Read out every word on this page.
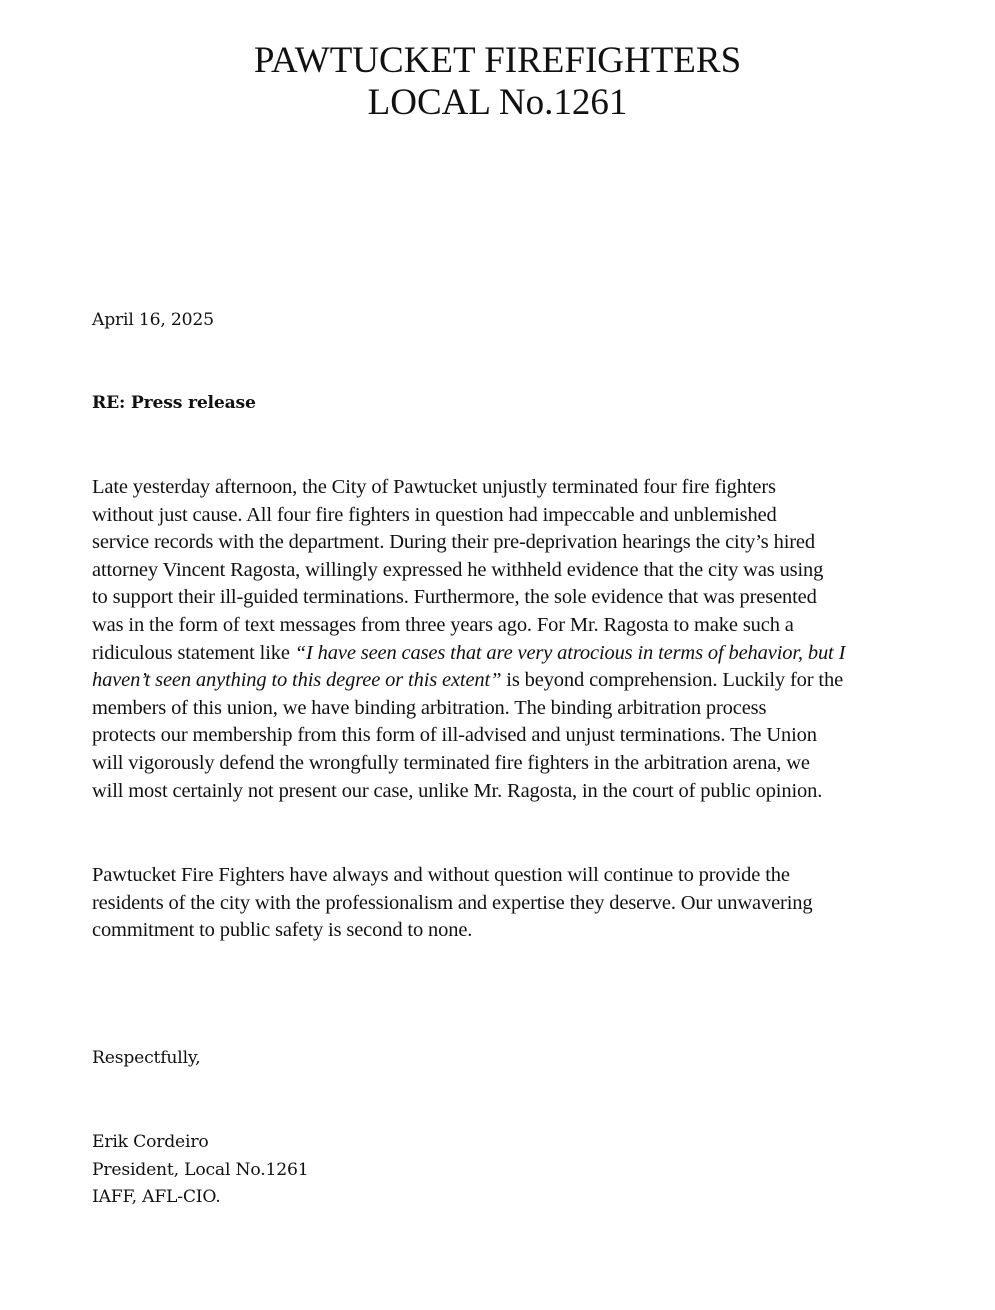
PAWTUCKET FIREFIGHTERS
LOCAL No.1261
April 16, 2025
RE: Press release
Late yesterday afternoon, the City of Pawtucket unjustly terminated four fire fighters
without just cause. All four fire fighters in question had impeccable and unblemished
service records with the department. During their pre-deprivation hearings the city’s hired
attorney Vincent Ragosta, willingly expressed he withheld evidence that the city was using
to support their ill-guided terminations. Furthermore, the sole evidence that was presented
was in the form of text messages from three years ago. For Mr. Ragosta to make such a
ridiculous statement like “I have seen cases that are very atrocious in terms of behavior, but I
haven’t seen anything to this degree or this extent” is beyond comprehension. Luckily for the
members of this union, we have binding arbitration. The binding arbitration process
protects our membership from this form of ill-advised and unjust terminations. The Union
will vigorously defend the wrongfully terminated fire fighters in the arbitration arena, we
will most certainly not present our case, unlike Mr. Ragosta, in the court of public opinion.
Pawtucket Fire Fighters have always and without question will continue to provide the
residents of the city with the professionalism and expertise they deserve. Our unwavering
commitment to public safety is second to none.
Respectfully,
Erik Cordeiro
President, Local No.1261
IAFF, AFL-CIO.
